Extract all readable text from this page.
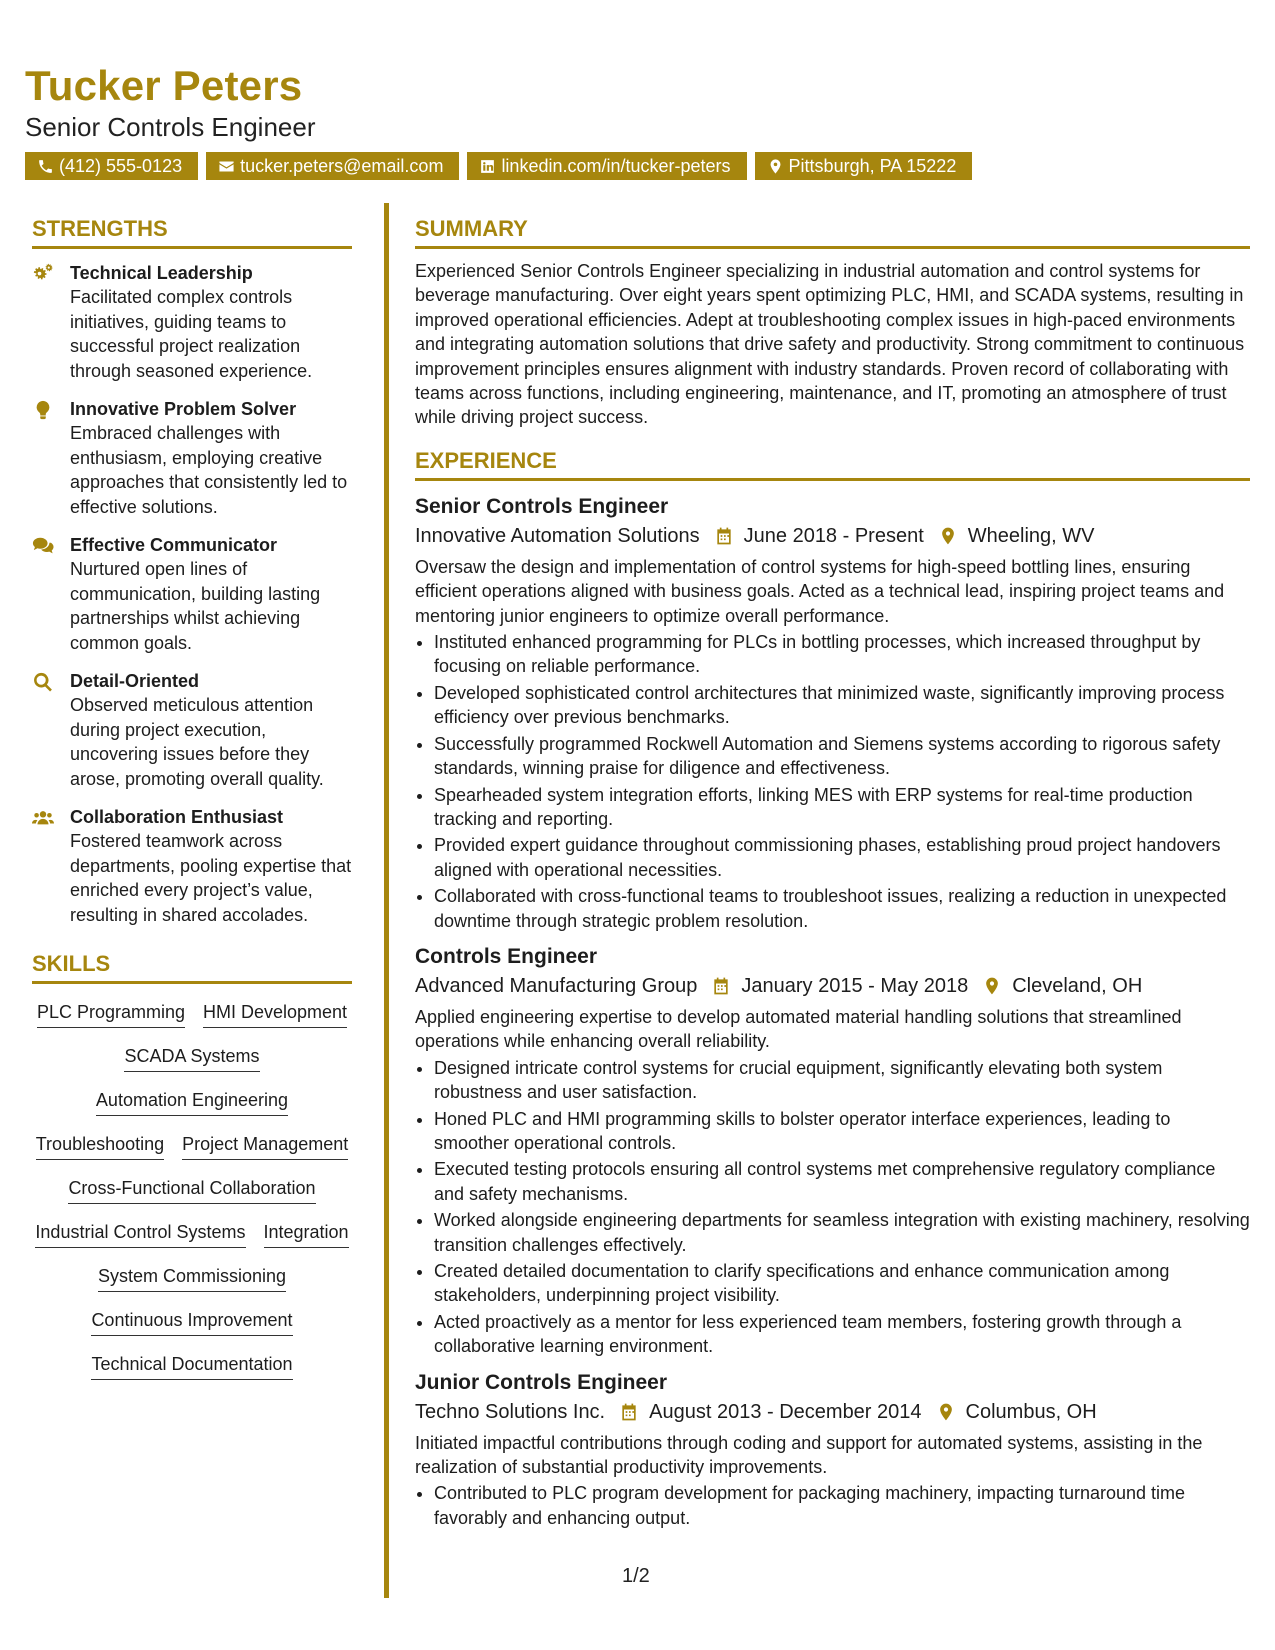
Tucker Peters
Senior Controls Engineer
(412) 555-0123	tucker.peters@email.com	linkedin.com/in/tucker-peters	Pittsburgh, PA 15222
STRENGTHS
Technical Leadership
Facilitated complex controls initiatives, guiding teams to successful project realization through seasoned experience.
Innovative Problem Solver
Embraced challenges with enthusiasm, employing creative approaches that consistently led to effective solutions.
Effective Communicator
Nurtured open lines of communication, building lasting partnerships whilst achieving common goals.
Detail-Oriented
Observed meticulous attention during project execution, uncovering issues before they arose, promoting overall quality.
Collaboration Enthusiast
Fostered teamwork across departments, pooling expertise that enriched every project’s value, resulting in shared accolades.
SKILLS
PLC Programming HMI Development
SCADA Systems
Automation Engineering
Troubleshooting Project Management
Cross-Functional Collaboration
Industrial Control Systems Integration
System Commissioning
Continuous Improvement
Technical Documentation
SUMMARY
Experienced Senior Controls Engineer specializing in industrial automation and control systems for beverage manufacturing. Over eight years spent optimizing PLC, HMI, and SCADA systems, resulting in improved operational efficiencies. Adept at troubleshooting complex issues in high-paced environments and integrating automation solutions that drive safety and productivity. Strong commitment to continuous improvement principles ensures alignment with industry standards. Proven record of collaborating with teams across functions, including engineering, maintenance, and IT, promoting an atmosphere of trust while driving project success.
EXPERIENCE
Senior Controls Engineer
Innovative Automation Solutions June 2018 - Present Wheeling, WV
Oversaw the design and implementation of control systems for high-speed bottling lines, ensuring efficient operations aligned with business goals. Acted as a technical lead, inspiring project teams and mentoring junior engineers to optimize overall performance.
• Instituted enhanced programming for PLCs in bottling processes, which increased throughput by focusing on reliable performance.
• Developed sophisticated control architectures that minimized waste, significantly improving process efficiency over previous benchmarks.
• Successfully programmed Rockwell Automation and Siemens systems according to rigorous safety standards, winning praise for diligence and effectiveness.
• Spearheaded system integration efforts, linking MES with ERP systems for real-time production tracking and reporting.
• Provided expert guidance throughout commissioning phases, establishing proud project handovers aligned with operational necessities.
• Collaborated with cross-functional teams to troubleshoot issues, realizing a reduction in unexpected downtime through strategic problem resolution.
Controls Engineer
Advanced Manufacturing Group January 2015 - May 2018 Cleveland, OH
Applied engineering expertise to develop automated material handling solutions that streamlined operations while enhancing overall reliability.
• Designed intricate control systems for crucial equipment, significantly elevating both system robustness and user satisfaction.
• Honed PLC and HMI programming skills to bolster operator interface experiences, leading to smoother operational controls.
• Executed testing protocols ensuring all control systems met comprehensive regulatory compliance and safety mechanisms.
• Worked alongside engineering departments for seamless integration with existing machinery, resolving transition challenges effectively.
• Created detailed documentation to clarify specifications and enhance communication among stakeholders, underpinning project visibility.
• Acted proactively as a mentor for less experienced team members, fostering growth through a collaborative learning environment.
Junior Controls Engineer
Techno Solutions Inc. August 2013 - December 2014 Columbus, OH
Initiated impactful contributions through coding and support for automated systems, assisting in the realization of substantial productivity improvements.
• Contributed to PLC program development for packaging machinery, impacting turnaround time favorably and enhancing output.
1/2
